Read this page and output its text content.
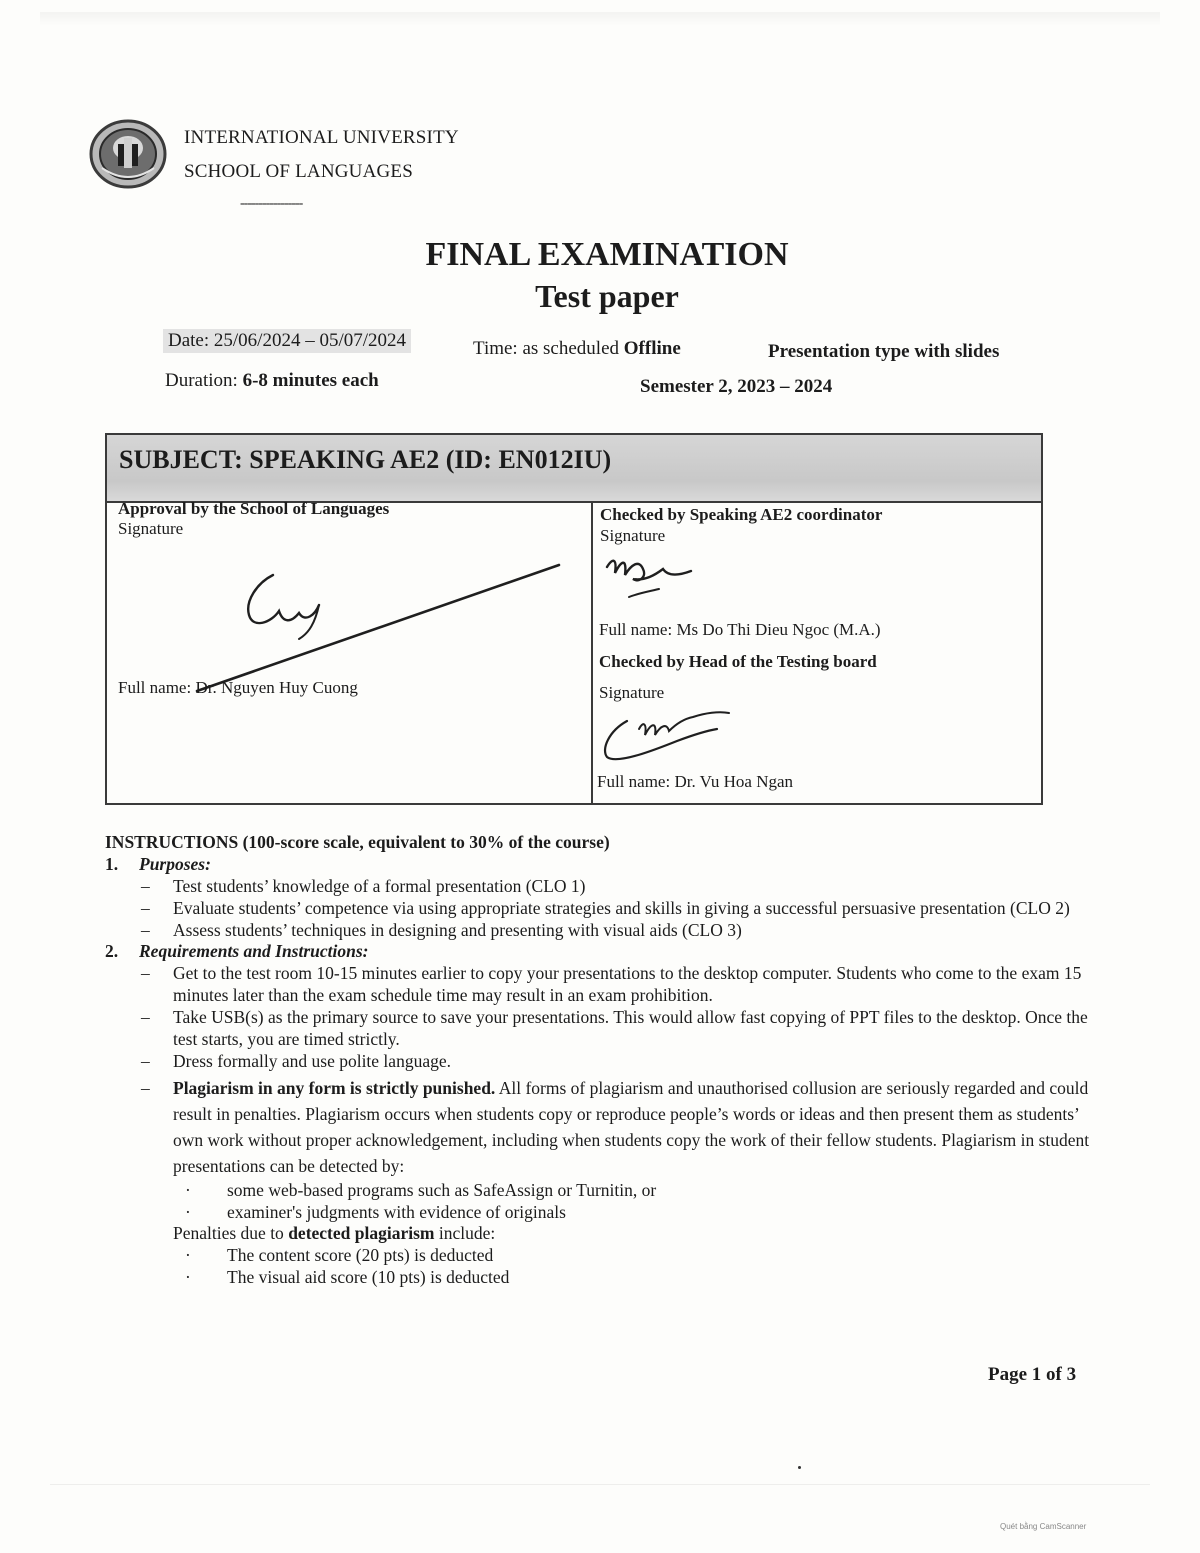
INTERNATIONAL UNIVERSITY
SCHOOL OF LANGUAGES
-----------------
FINAL EXAMINATION
Test paper
Date: 25/06/2024 – 05/07/2024	Time: as scheduled Offline	Presentation type with slides
Duration: 6-8 minutes each	Semester 2, 2023 – 2024
SUBJECT: SPEAKING AE2 (ID: EN012IU)
Approval by the School of Languages
Signature
Full name: Dr. Nguyen Huy Cuong
Checked by Speaking AE2 coordinator
Signature
Full name: Ms Do Thi Dieu Ngoc (M.A.)
Checked by Head of the Testing board
Signature
Full name: Dr. Vu Hoa Ngan
INSTRUCTIONS (100-score scale, equivalent to 30% of the course)
1. Purposes:
– Test students’ knowledge of a formal presentation (CLO 1)
– Evaluate students’ competence via using appropriate strategies and skills in giving a successful persuasive presentation (CLO 2)
– Assess students’ techniques in designing and presenting with visual aids (CLO 3)
2. Requirements and Instructions:
– Get to the test room 10-15 minutes earlier to copy your presentations to the desktop computer. Students who come to the exam 15 minutes later than the exam schedule time may result in an exam prohibition.
– Take USB(s) as the primary source to save your presentations. This would allow fast copying of PPT files to the desktop. Once the test starts, you are timed strictly.
– Dress formally and use polite language.
– Plagiarism in any form is strictly punished. All forms of plagiarism and unauthorised collusion are seriously regarded and could result in penalties. Plagiarism occurs when students copy or reproduce people’s words or ideas and then present them as students’ own work without proper acknowledgement, including when students copy the work of their fellow students. Plagiarism in student presentations can be detected by:
· some web-based programs such as SafeAssign or Turnitin, or
· examiner's judgments with evidence of originals
Penalties due to detected plagiarism include:
· The content score (20 pts) is deducted
· The visual aid score (10 pts) is deducted
Page 1 of 3
Quét bằng CamScanner
